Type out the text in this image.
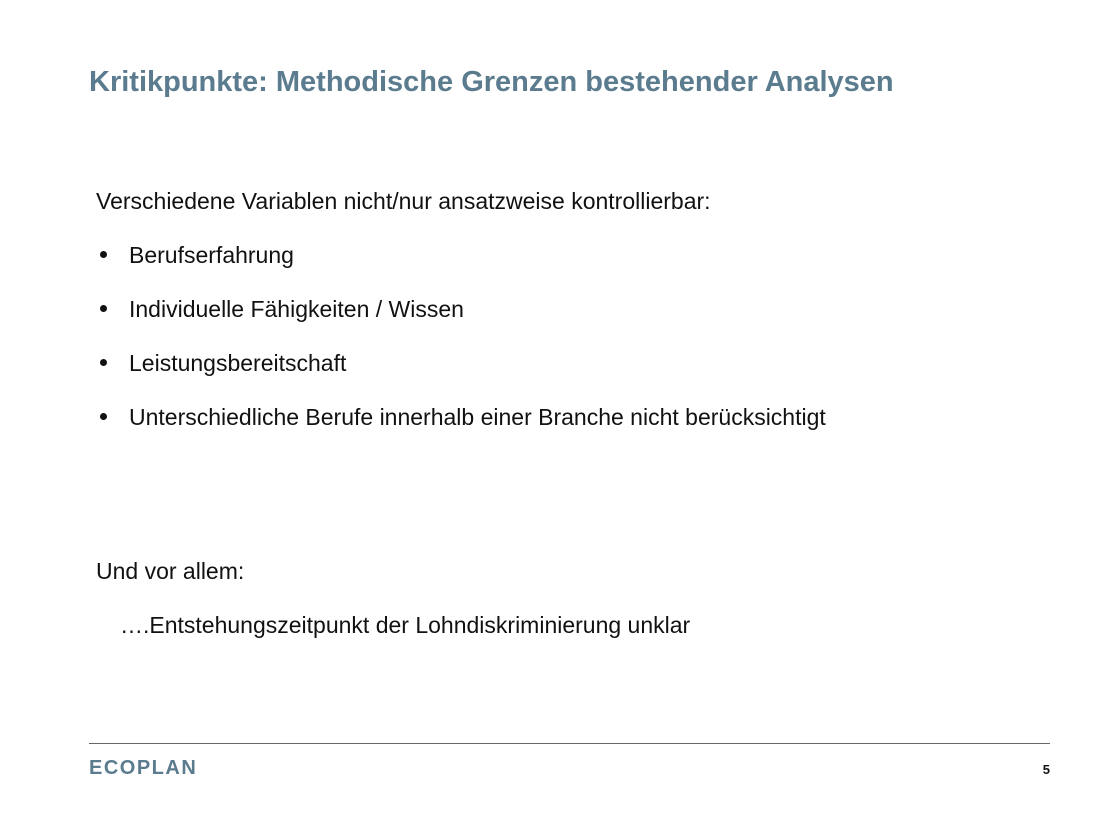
Kritikpunkte: Methodische Grenzen bestehender Analysen

Verschiedene Variablen nicht/nur ansatzweise kontrollierbar:

Berufserfahrung
Individuelle Fähigkeiten / Wissen
Leistungsbereitschaft
Unterschiedliche Berufe innerhalb einer Branche nicht berücksichtigt

Und vor allem:

….Entstehungszeitpunkt der Lohndiskriminierung unklar

ECOPLAN	5
